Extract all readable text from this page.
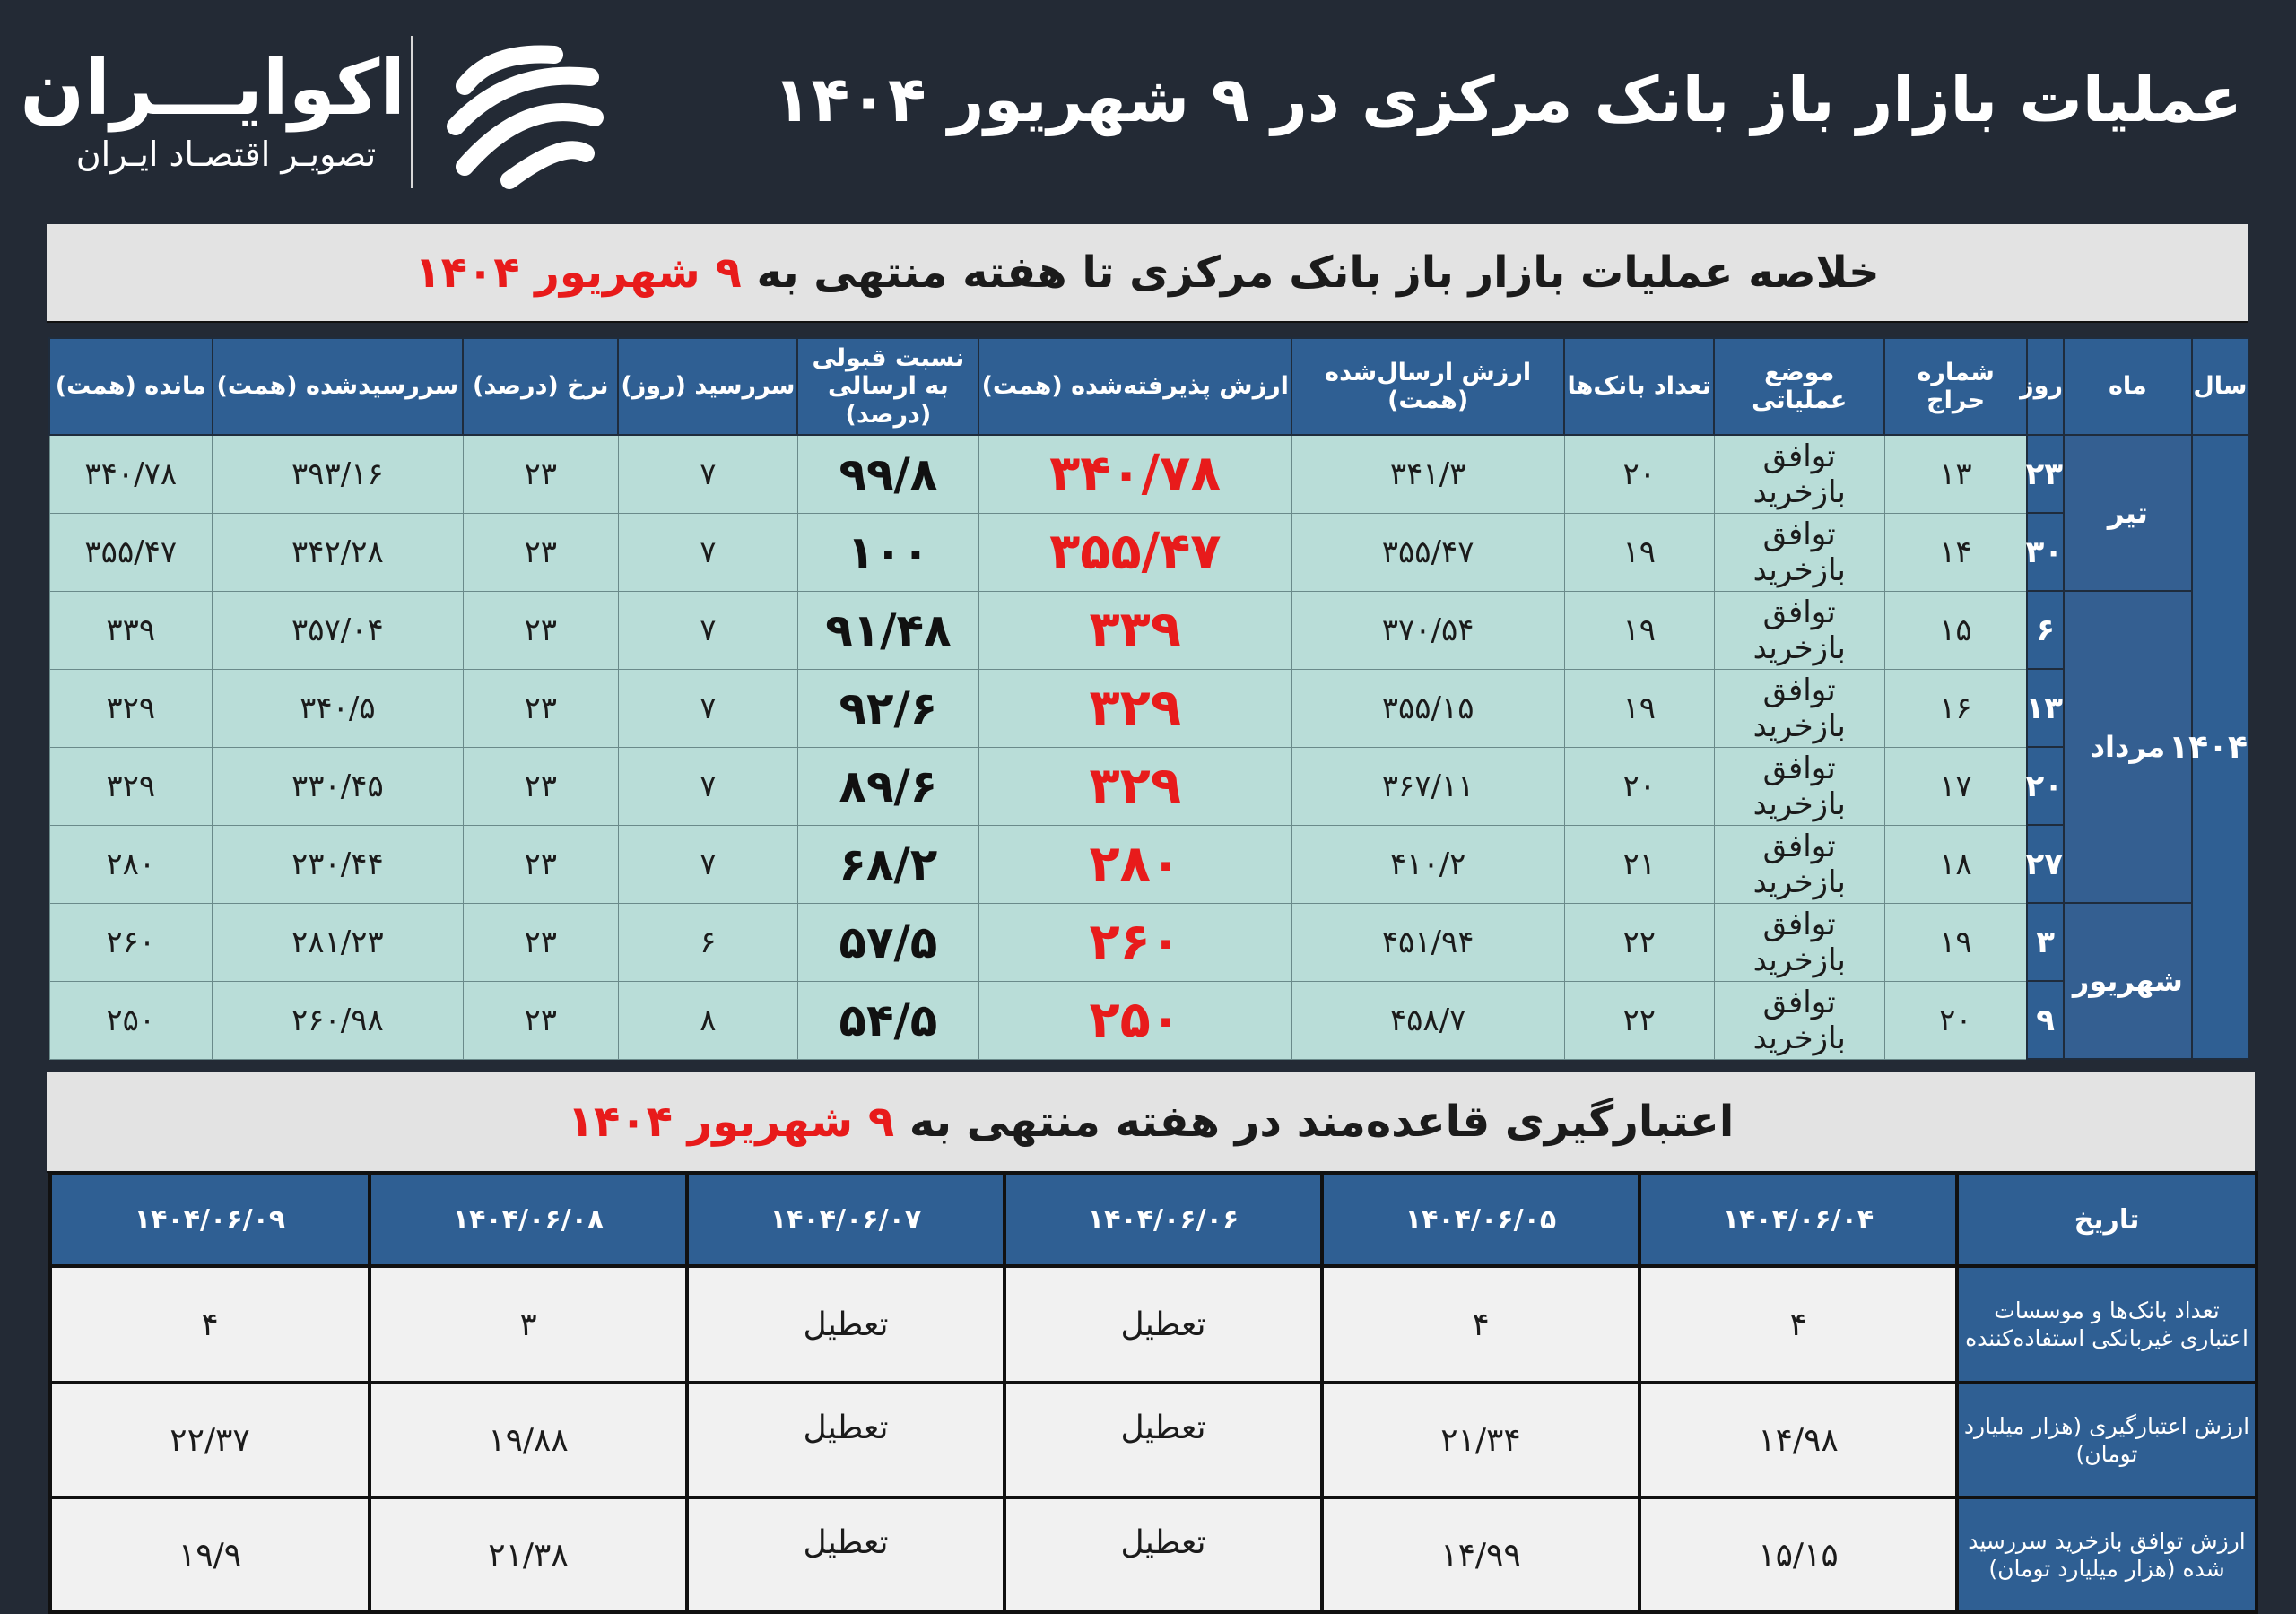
اکوایـــران
تصویـر اقتصـاد ایـران
عملیات بازار باز بانک مرکزی در ۹ شهریور ۱۴۰۴
خلاصه عملیات بازار باز بانک مرکزی تا هفته منتهی به ۹ شهریور ۱۴۰۴
سال	ماه	روز	شماره حراج	موضع عملیاتی	تعداد بانک‌ها	ارزش ارسال‌شده (همت)	ارزش پذیرفته‌شده (همت)	نسبت قبولی به ارسالی (درصد)	سررسید (روز)	نرخ (درصد)	سررسیدشده (همت)	مانده (همت)
۱۴۰۴	تیر	۲۳	۱۳	توافق بازخرید	۲۰	۳۴۱/۳	۳۴۰/۷۸	۹۹/۸	۷	۲۳	۳۹۳/۱۶	۳۴۰/۷۸
		۳۰	۱۴	توافق بازخرید	۱۹	۳۵۵/۴۷	۳۵۵/۴۷	۱۰۰	۷	۲۳	۳۴۲/۲۸	۳۵۵/۴۷
	مرداد	۶	۱۵	توافق بازخرید	۱۹	۳۷۰/۵۴	۳۳۹	۹۱/۴۸	۷	۲۳	۳۵۷/۰۴	۳۳۹
		۱۳	۱۶	توافق بازخرید	۱۹	۳۵۵/۱۵	۳۲۹	۹۲/۶	۷	۲۳	۳۴۰/۵	۳۲۹
		۲۰	۱۷	توافق بازخرید	۲۰	۳۶۷/۱۱	۳۲۹	۸۹/۶	۷	۲۳	۳۳۰/۴۵	۳۲۹
		۲۷	۱۸	توافق بازخرید	۲۱	۴۱۰/۲	۲۸۰	۶۸/۲	۷	۲۳	۲۳۰/۴۴	۲۸۰
	شهریور	۳	۱۹	توافق بازخرید	۲۲	۴۵۱/۹۴	۲۶۰	۵۷/۵	۶	۲۳	۲۸۱/۲۳	۲۶۰
		۹	۲۰	توافق بازخرید	۲۲	۴۵۸/۷	۲۵۰	۵۴/۵	۸	۲۳	۲۶۰/۹۸	۲۵۰
اعتبارگیری قاعده‌مند در هفته منتهی به ۹ شهریور ۱۴۰۴
تاریخ	۱۴۰۴/۰۶/۰۴	۱۴۰۴/۰۶/۰۵	۱۴۰۴/۰۶/۰۶	۱۴۰۴/۰۶/۰۷	۱۴۰۴/۰۶/۰۸	۱۴۰۴/۰۶/۰۹
تعداد بانک‌ها و موسسات اعتباری غیربانکی استفاده‌کننده	۴	۴	تعطیل	تعطیل	۳	۴
ارزش اعتبارگیری (هزار میلیارد تومان)	۱۴/۹۸	۲۱/۳۴	تعطیل	تعطیل	۱۹/۸۸	۲۲/۳۷
ارزش توافق بازخرید سررسید شده (هزار میلیارد تومان)	۱۵/۱۵	۱۴/۹۹	تعطیل	تعطیل	۲۱/۳۸	۱۹/۹
